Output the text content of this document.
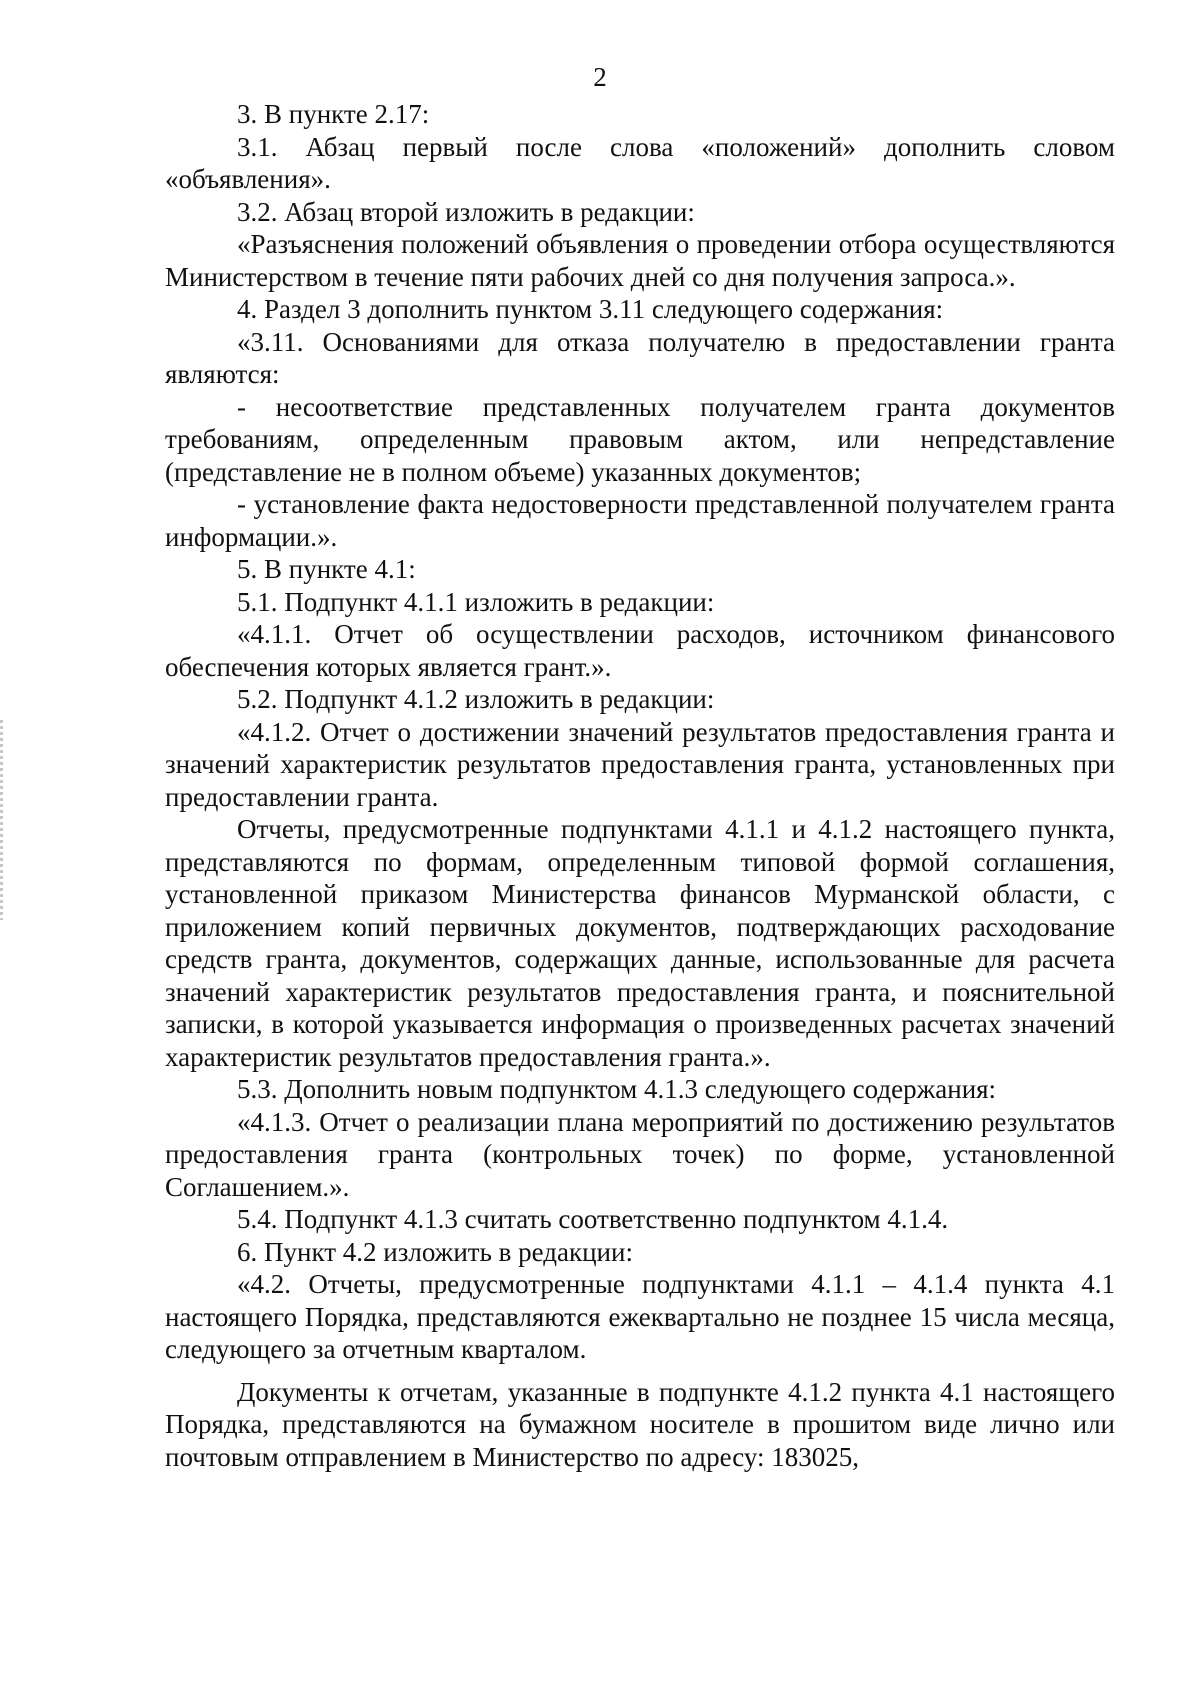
2

3. В пункте 2.17:

3.1. Абзац первый после слова «положений» дополнить словом «объявления».

3.2. Абзац второй изложить в редакции:

«Разъяснения положений объявления о проведении отбора осуществляются Министерством в течение пяти рабочих дней со дня получения запроса.».

4. Раздел 3 дополнить пунктом 3.11 следующего содержания:

«3.11. Основаниями для отказа получателю в предоставлении гранта являются:

- несоответствие представленных получателем гранта документов требованиям, определенным правовым актом, или непредставление (представление не в полном объеме) указанных документов;

- установление факта недостоверности представленной получателем гранта информации.».

5. В пункте 4.1:

5.1. Подпункт 4.1.1 изложить в редакции:

«4.1.1. Отчет об осуществлении расходов, источником финансового обеспечения которых является грант.».

5.2. Подпункт 4.1.2 изложить в редакции:

«4.1.2. Отчет о достижении значений результатов предоставления гранта и значений характеристик результатов предоставления гранта, установленных при предоставлении гранта.

Отчеты, предусмотренные подпунктами 4.1.1 и 4.1.2 настоящего пункта, представляются по формам, определенным типовой формой соглашения, установленной приказом Министерства финансов Мурманской области, с приложением копий первичных документов, подтверждающих расходование средств гранта, документов, содержащих данные, использованные для расчета значений характеристик результатов предоставления гранта, и пояснительной записки, в которой указывается информация о произведенных расчетах значений характеристик результатов предоставления гранта.».

5.3. Дополнить новым подпунктом 4.1.3 следующего содержания:

«4.1.3. Отчет о реализации плана мероприятий по достижению результатов предоставления гранта (контрольных точек) по форме, установленной Соглашением.».

5.4. Подпункт 4.1.3 считать соответственно подпунктом 4.1.4.

6. Пункт 4.2 изложить в редакции:

«4.2. Отчеты, предусмотренные подпунктами 4.1.1 – 4.1.4 пункта 4.1 настоящего Порядка, представляются ежеквартально не позднее 15 числа месяца, следующего за отчетным кварталом.

Документы к отчетам, указанные в подпункте 4.1.2 пункта 4.1 настоящего Порядка, представляются на бумажном носителе в прошитом виде лично или почтовым отправлением в Министерство по адресу: 183025,
